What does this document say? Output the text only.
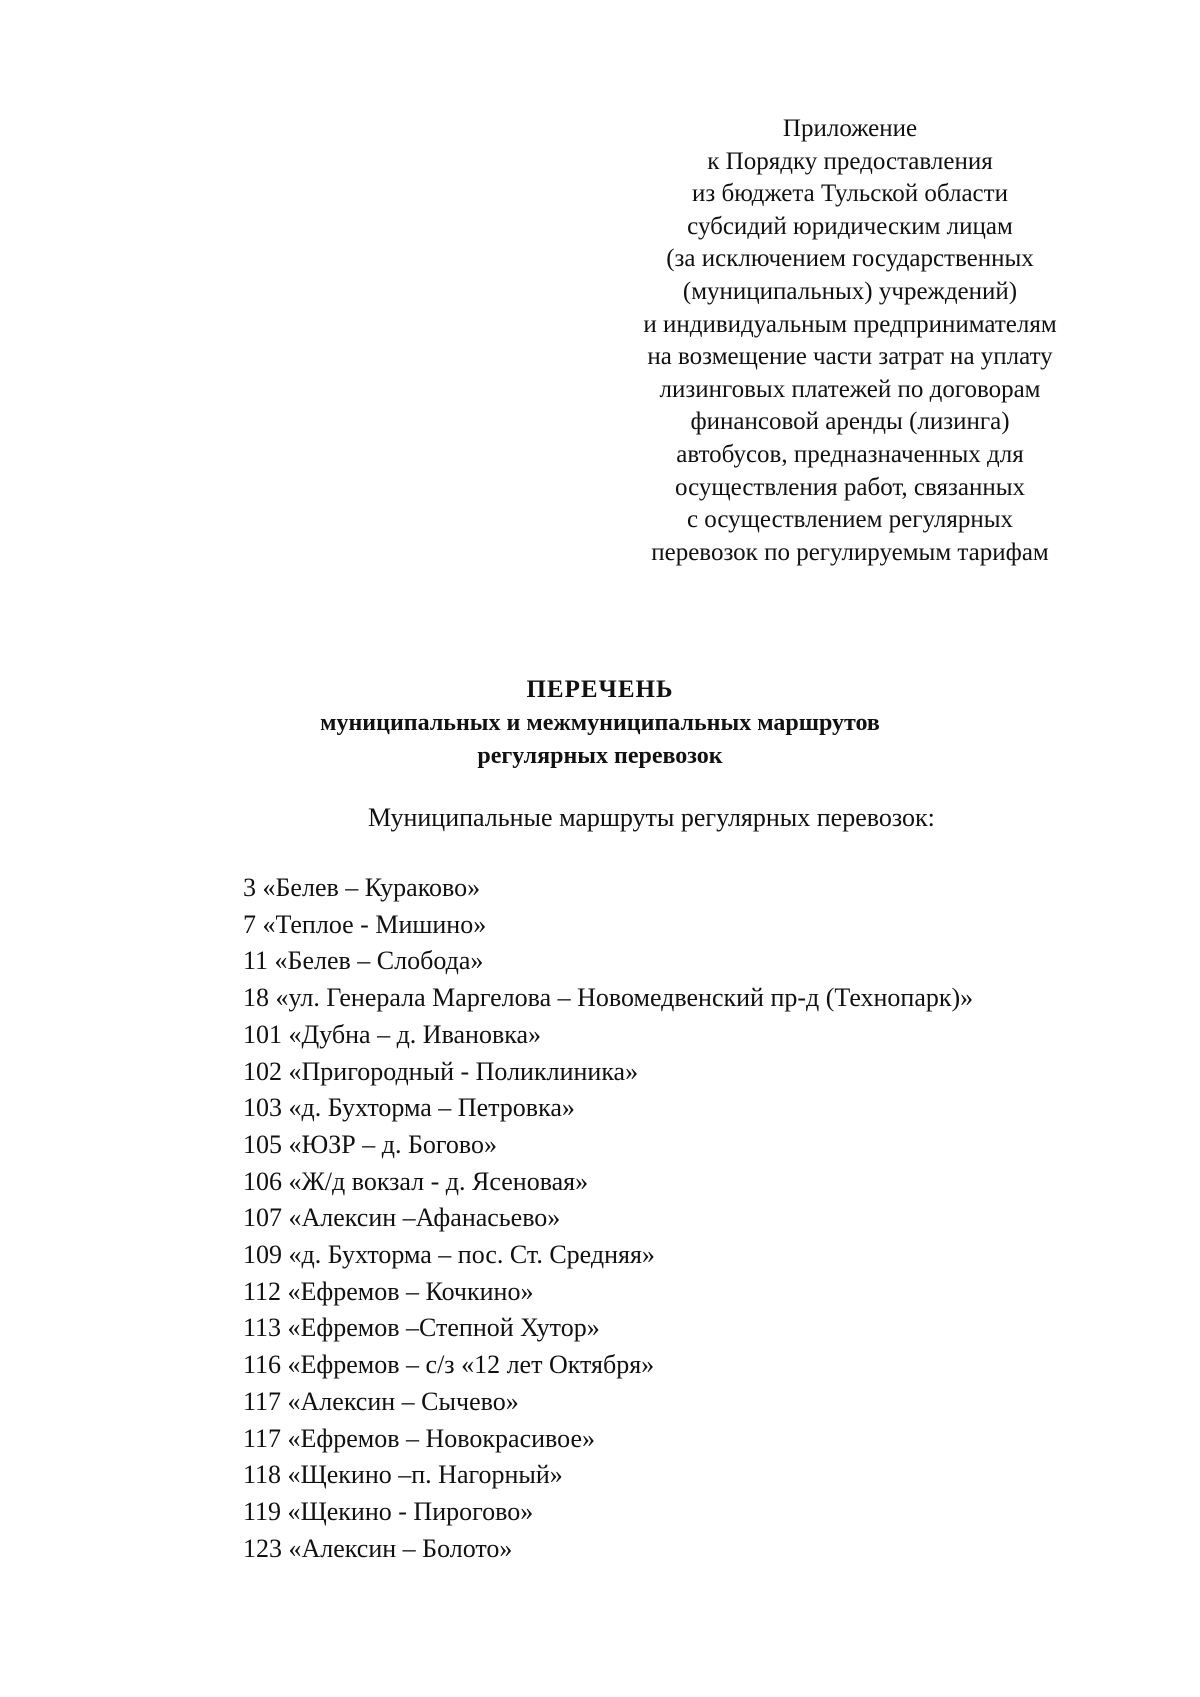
Приложение
к Порядку предоставления
из бюджета Тульской области
субсидий юридическим лицам
(за исключением государственных
(муниципальных) учреждений)
и индивидуальным предпринимателям
на возмещение части затрат на уплату
лизинговых платежей по договорам
финансовой аренды (лизинга)
автобусов, предназначенных для
осуществления работ, связанных
с осуществлением регулярных
перевозок по регулируемым тарифам
ПЕРЕЧЕНЬ
муниципальных и межмуниципальных маршрутов
регулярных перевозок
Муниципальные маршруты регулярных перевозок:
3 «Белев – Кураково»
7 «Теплое - Мишино»
11 «Белев – Слобода»
18 «ул. Генерала Маргелова – Новомедвенский пр-д (Технопарк)»
101 «Дубна – д. Ивановка»
102 «Пригородный - Поликлиника»
103 «д. Бухторма – Петровка»
105 «ЮЗР – д. Богово»
106 «Ж/д вокзал - д. Ясеновая»
107 «Алексин –Афанасьево»
109 «д. Бухторма – пос. Ст. Средняя»
112 «Ефремов – Кочкино»
113 «Ефремов –Степной Хутор»
116 «Ефремов – с/з «12 лет Октября»
117 «Алексин – Сычево»
117 «Ефремов – Новокрасивое»
118 «Щекино –п. Нагорный»
119 «Щекино - Пирогово»
123 «Алексин – Болото»
